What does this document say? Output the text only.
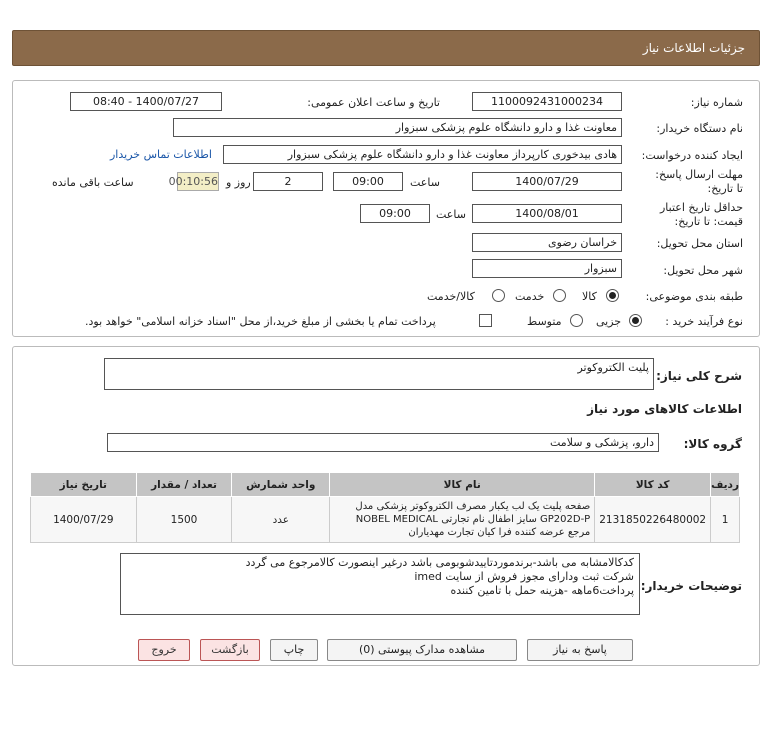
جزئیات اطلاعات نیاز
شماره نیاز:
1100092431000234
تاریخ و ساعت اعلان عمومی:
1400/07/27 - 08:40
نام دستگاه خریدار:
معاونت غذا و دارو دانشگاه علوم پزشکی سبزوار
ایجاد کننده درخواست:
هادی بیدخوری کارپرداز معاونت غذا و دارو دانشگاه علوم پزشکی سبزوار
اطلاعات تماس خریدار
مهلت ارسال پاسخ: تا تاریخ:
1400/07/29
ساعت
09:00
2
روز و
00:10:56
ساعت باقی مانده
حداقل تاریخ اعتبار قیمت: تا تاریخ:
1400/08/01
ساعت
09:00
استان محل تحویل:
خراسان رضوی
شهر محل تحویل:
سبزوار
طبقه بندی موضوعی:
کالا
خدمت
کالا/خدمت
نوع فرآیند خرید :
جزیی
متوسط
پرداخت تمام یا بخشی از مبلغ خرید،از محل "اسناد خزانه اسلامی" خواهد بود.
شرح کلی نیاز:
پلیت الکتروکوتر
اطلاعات کالاهای مورد نیاز
گروه کالا:
دارو، پزشکی و سلامت
ردیف	کد کالا	نام کالا	واحد شمارش	تعداد / مقدار	تاریخ نیاز
1	2131850226480002	صفحه پلیت یک لب یکبار مصرف الکتروکوتر پزشکی مدل GP202D-P سایز اطفال نام تجارتی NOBEL MEDICAL مرجع عرضه کننده فرا کیان تجارت مهدیاران	عدد	1500	1400/07/29
توضیحات خریدار:
کدکالامشابه می باشد-برندموردتاییدشوبومی باشد درغیر اینصورت کالامرجوع می گردد
شرکت ثبت ودارای مجوز فروش از سایت imed
پرداخت6ماهه -هزینه حمل با تامین کننده
پاسخ به نیاز
مشاهده مدارک پیوستی (0)
چاپ
بازگشت
خروج
